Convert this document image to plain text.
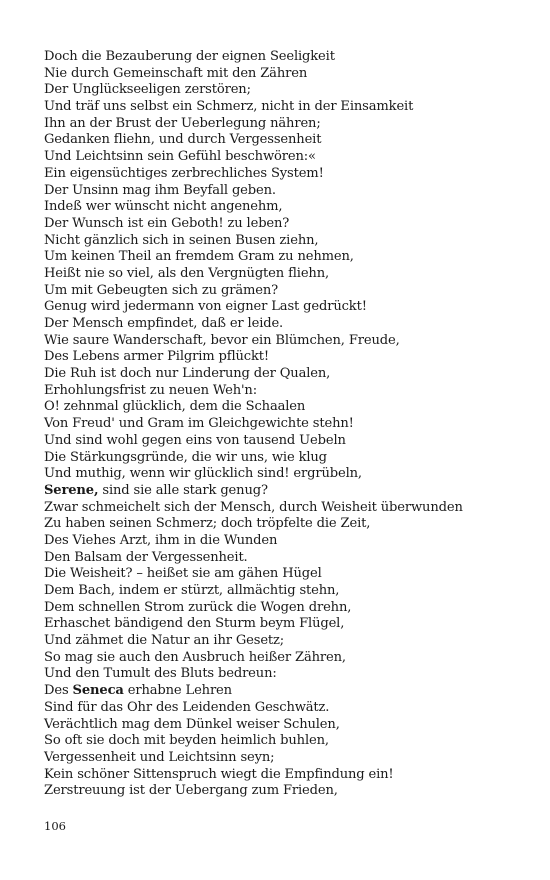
Doch die Bezauberung der eignen Seeligkeit
Nie durch Gemeinschaft mit den Zähren
Der Unglückseeligen zerstören;
Und träf uns selbst ein Schmerz, nicht in der Einsamkeit
Ihn an der Brust der Ueberlegung nähren;
Gedanken fliehn, und durch Vergessenheit
Und Leichtsinn sein Gefühl beschwören:«
Ein eigensüchtiges zerbrechliches System!
Der Unsinn mag ihm Beyfall geben.
Indeß wer wünscht nicht angenehm,
Der Wunsch ist ein Geboth! zu leben?
Nicht gänzlich sich in seinen Busen ziehn,
Um keinen Theil an fremdem Gram zu nehmen,
Heißt nie so viel, als den Vergnügten fliehn,
Um mit Gebeugten sich zu grämen?
Genug wird jedermann von eigner Last gedrückt!
Der Mensch empfindet, daß er leide.
Wie saure Wanderschaft, bevor ein Blümchen, Freude,
Des Lebens armer Pilgrim pflückt!
Die Ruh ist doch nur Linderung der Qualen,
Erhohlungsfrist zu neuen Weh'n:
O! zehnmal glücklich, dem die Schaalen
Von Freud' und Gram im Gleichgewichte stehn!
Und sind wohl gegen eins von tausend Uebeln
Die Stärkungsgründe, die wir uns, wie klug
Und muthig, wenn wir glücklich sind! ergrübeln,
Serene, sind sie alle stark genug?
Zwar schmeichelt sich der Mensch, durch Weisheit überwunden
Zu haben seinen Schmerz; doch tröpfelte die Zeit,
Des Viehes Arzt, ihm in die Wunden
Den Balsam der Vergessenheit.
Die Weisheit? – heißet sie am gähen Hügel
Dem Bach, indem er stürzt, allmächtig stehn,
Dem schnellen Strom zurück die Wogen drehn,
Erhaschet bändigend den Sturm beym Flügel,
Und zähmet die Natur an ihr Gesetz;
So mag sie auch den Ausbruch heißer Zähren,
Und den Tumult des Bluts bedreun:
Des Seneca erhabne Lehren
Sind für das Ohr des Leidenden Geschwätz.
Verächtlich mag dem Dünkel weiser Schulen,
So oft sie doch mit beyden heimlich buhlen,
Vergessenheit und Leichtsinn seyn;
Kein schöner Sittenspruch wiegt die Empfindung ein!
Zerstreuung ist der Uebergang zum Frieden,
106
